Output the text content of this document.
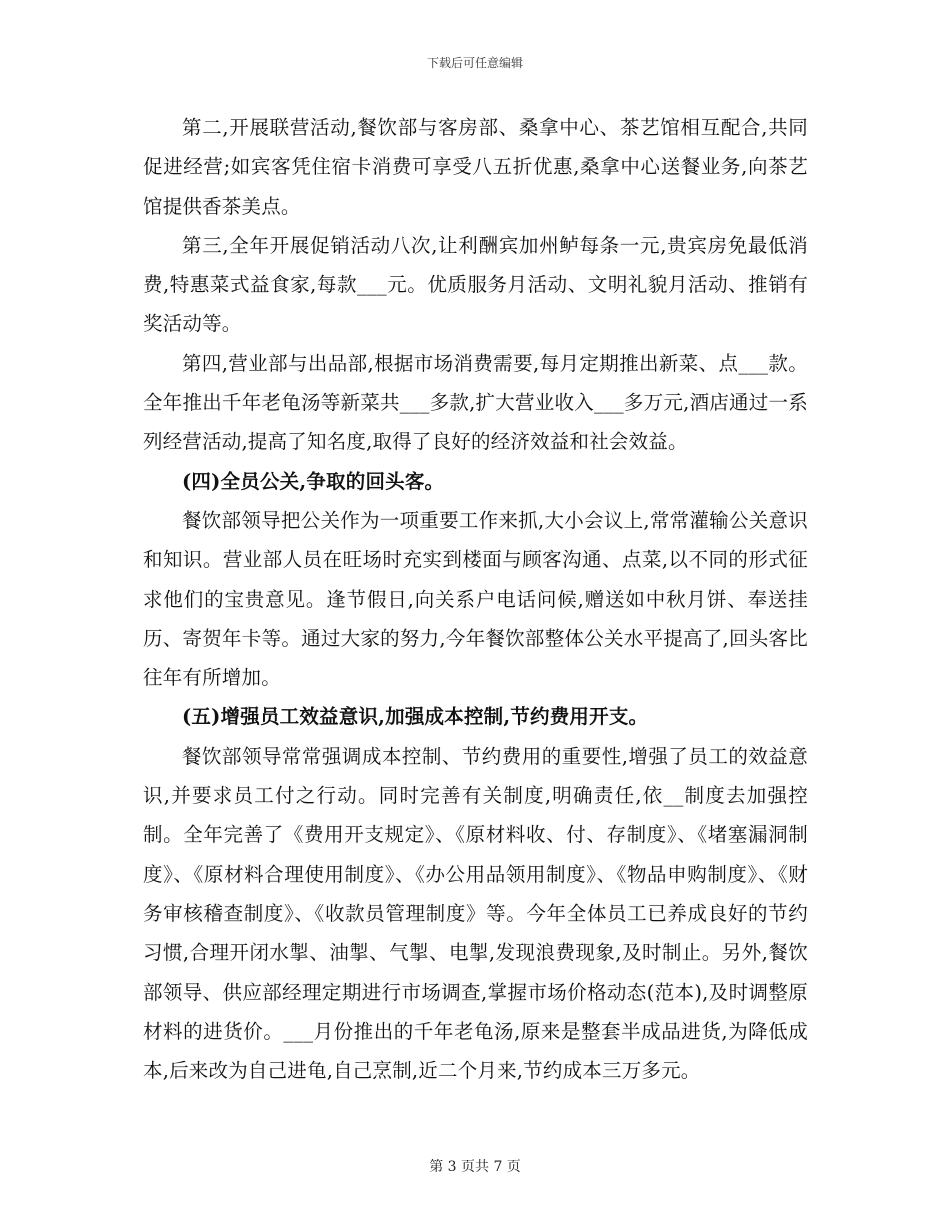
下载后可任意编辑

第二,开展联营活动,餐饮部与客房部、桑拿中心、茶艺馆相互配合,共同促进经营;如宾客凭住宿卡消费可享受八五折优惠,桑拿中心送餐业务,向茶艺馆提供香茶美点。

第三,全年开展促销活动八次,让利酬宾加州鲈每条一元,贵宾房免最低消费,特惠菜式益食家,每款___元。优质服务月活动、文明礼貌月活动、推销有奖活动等。

第四,营业部与出品部,根据市场消费需要,每月定期推出新菜、点___款。全年推出千年老龟汤等新菜共___多款,扩大营业收入___多万元,酒店通过一系列经营活动,提高了知名度,取得了良好的经济效益和社会效益。

(四)全员公关,争取的回头客。

餐饮部领导把公关作为一项重要工作来抓,大小会议上,常常灌输公关意识和知识。营业部人员在旺场时充实到楼面与顾客沟通、点菜,以不同的形式征求他们的宝贵意见。逢节假日,向关系户电话问候,赠送如中秋月饼、奉送挂历、寄贺年卡等。通过大家的努力,今年餐饮部整体公关水平提高了,回头客比往年有所增加。

(五)增强员工效益意识,加强成本控制,节约费用开支。

餐饮部领导常常强调成本控制、节约费用的重要性,增强了员工的效益意识,并要求员工付之行动。同时完善有关制度,明确责任,依__制度去加强控制。全年完善了《费用开支规定》、《原材料收、付、存制度》、《堵塞漏洞制度》、《原材料合理使用制度》、《办公用品领用制度》、《物品申购制度》、《财务审核稽查制度》、《收款员管理制度》等。今年全体员工已养成良好的节约习惯,合理开闭水掣、油掣、气掣、电掣,发现浪费现象,及时制止。另外,餐饮部领导、供应部经理定期进行市场调查,掌握市场价格动态(范本),及时调整原材料的进货价。___月份推出的千年老龟汤,原来是整套半成品进货,为降低成本,后来改为自己进龟,自己烹制,近二个月来,节约成本三万多元。

第 3 页共 7 页
